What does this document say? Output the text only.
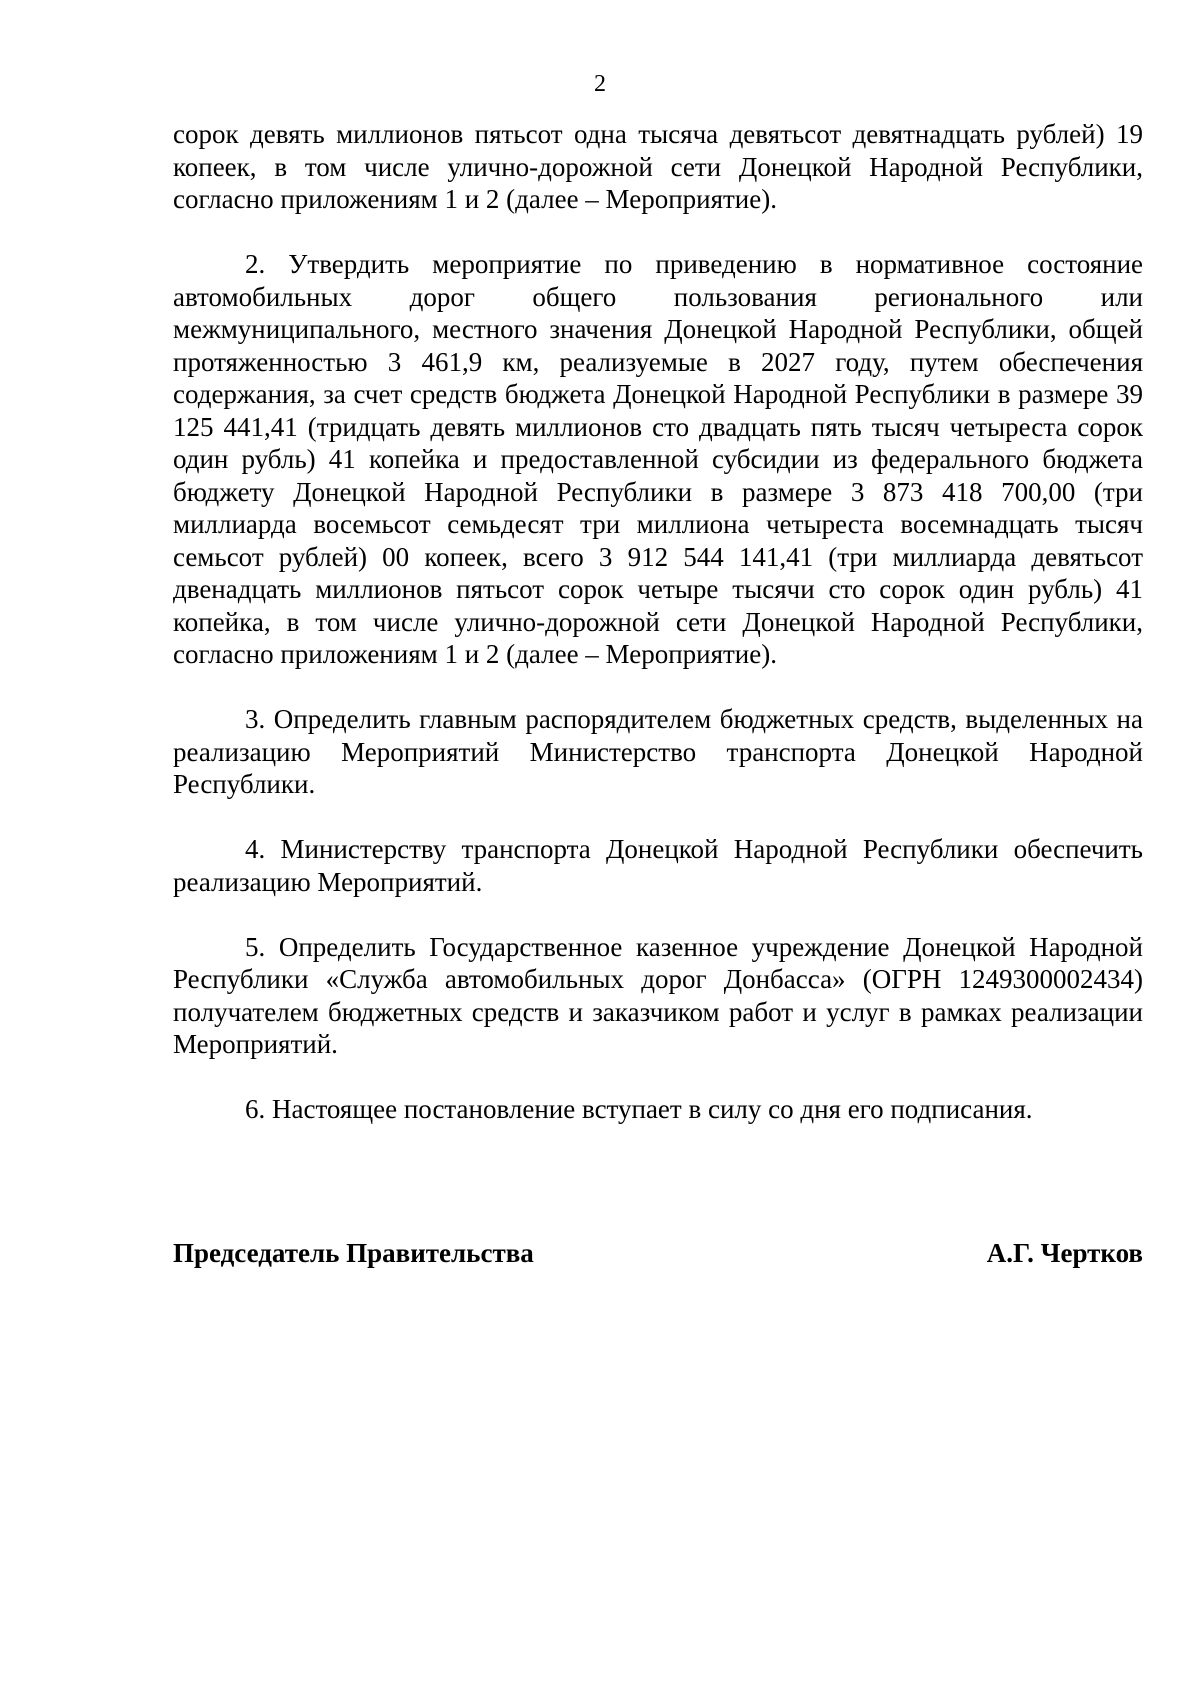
2

сорок девять миллионов пятьсот одна тысяча девятьсот девятнадцать рублей) 19 копеек, в том числе улично-дорожной сети Донецкой Народной Республики, согласно приложениям 1 и 2 (далее – Мероприятие).

2. Утвердить мероприятие по приведению в нормативное состояние автомобильных дорог общего пользования регионального или межмуниципального, местного значения Донецкой Народной Республики, общей протяженностью 3 461,9 км, реализуемые в 2027 году, путем обеспечения содержания, за счет средств бюджета Донецкой Народной Республики в размере 39 125 441,41 (тридцать девять миллионов сто двадцать пять тысяч четыреста сорок один рубль) 41 копейка и предоставленной субсидии из федерального бюджета бюджету Донецкой Народной Республики в размере 3 873 418 700,00 (три миллиарда восемьсот семьдесят три миллиона четыреста восемнадцать тысяч семьсот рублей) 00 копеек, всего 3 912 544 141,41 (три миллиарда девятьсот двенадцать миллионов пятьсот сорок четыре тысячи сто сорок один рубль) 41 копейка, в том числе улично-дорожной сети Донецкой Народной Республики, согласно приложениям 1 и 2 (далее – Мероприятие).

3. Определить главным распорядителем бюджетных средств, выделенных на реализацию Мероприятий Министерство транспорта Донецкой Народной Республики.

4. Министерству транспорта Донецкой Народной Республики обеспечить реализацию Мероприятий.

5. Определить Государственное казенное учреждение Донецкой Народной Республики «Служба автомобильных дорог Донбасса» (ОГРН 1249300002434) получателем бюджетных средств и заказчиком работ и услуг в рамках реализации Мероприятий.

6. Настоящее постановление вступает в силу со дня его подписания.

Председатель Правительства	А.Г. Чертков
